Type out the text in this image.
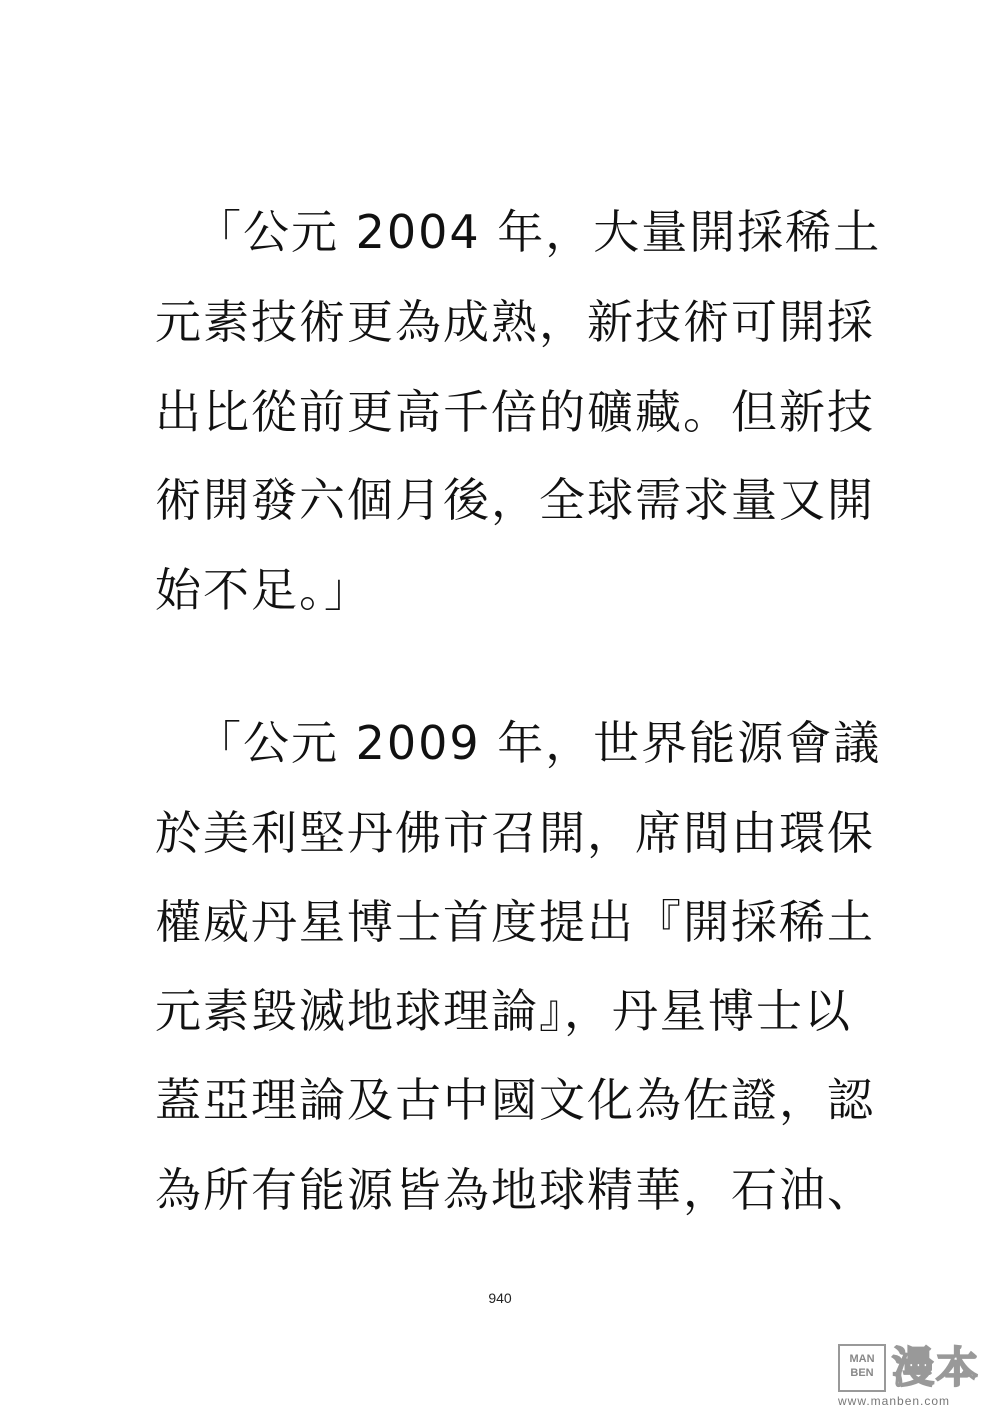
「公元 2004 年，大量開採稀土
元素技術更為成熟，新技術可開採
出比從前更高千倍的礦藏。但新技
術開發六個月後，全球需求量又開
始不足。」
「公元 2009 年，世界能源會議
於美利堅丹佛市召開，席間由環保
權威丹星博士首度提出『開採稀土
元素毀滅地球理論』，丹星博士以
蓋亞理論及古中國文化為佐證，認
為所有能源皆為地球精華，石油、
940
MAN
BEN 漫本
www.manben.com
